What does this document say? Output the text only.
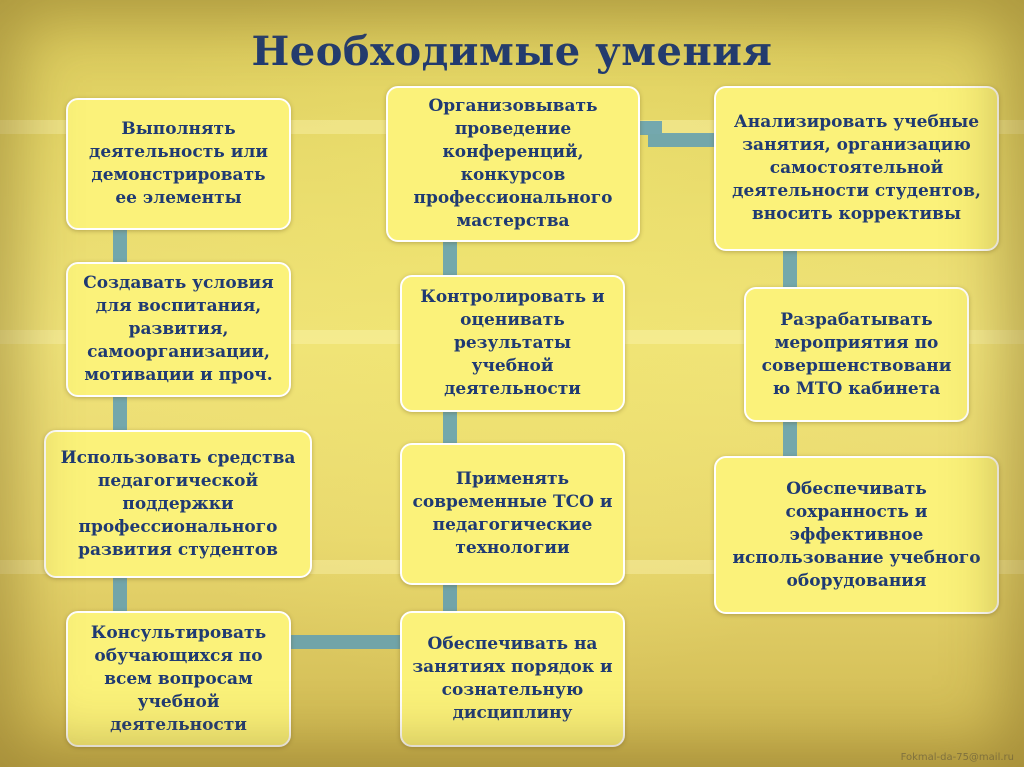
Необходимые умения
Выполнять деятельность или демонстрировать ее элементы
Создавать условия для воспитания, развития, самоорганизации, мотивации и проч.
Использовать средства педагогической поддержки профессионального развития студентов
Консультировать обучающихся по всем вопросам учебной деятельности
Организовывать проведение конференций, конкурсов профессионального мастерства
Контролировать и оценивать результаты учебной деятельности
Применять современные ТСО и педагогические технологии
Обеспечивать на занятиях порядок и сознательную дисциплину
Анализировать учебные занятия, организацию самостоятельной деятельности студентов, вносить коррективы
Разрабатывать мероприятия по совершенствовани ю МТО кабинета
Обеспечивать сохранность и эффективное использование учебного оборудования
Fokmal-da-75@mail.ru
